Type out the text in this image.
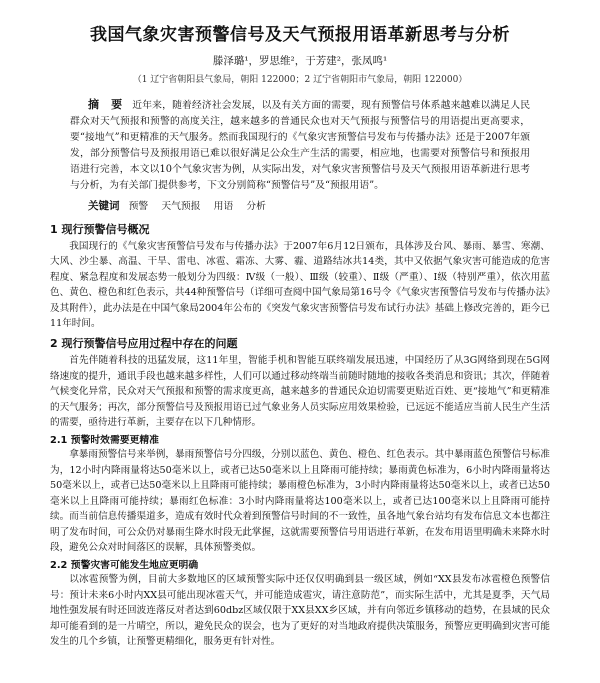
我国气象灾害预警信号及天气预报用语革新思考与分析
滕泽璐¹，罗思维²，于芳建²，张凤鸣¹
（1 辽宁省朝阳县气象局，朝阳 122000；2 辽宁省朝阳市气象局，朝阳 122000）
摘 要 近年来，随着经济社会发展，以及有关方面的需要，现有预警信号体系越来越难以满足人民群众对天气预报和预警的高度关注，越来越多的普通民众也对天气预报与预警信号的用语提出更高要求，要“接地气”和更精准的天气服务。然而我国现行的《气象灾害预警信号发布与传播办法》还是于2007年颁发，部分预警信号及预报用语已难以很好满足公众生产生活的需要，相应地，也需要对预警信号和预报用语进行完善，本文以10个气象灾害为例，从实际出发，对气象灾害预警信号及天气预报用语革新进行思考与分析，为有关部门提供参考，下文分别简称“预警信号”及“预报用语”。
关键词 预警 天气预报 用语 分析
1 现行预警信号概况

我国现行的《气象灾害预警信号发布与传播办法》于2007年6月12日颁布，具体涉及台风、暴雨、暴雪、寒潮、大风、沙尘暴、高温、干旱、雷电、冰雹、霜冻、大雾、霾、道路结冰共14类，其中又依据气象灾害可能造成的危害程度、紧急程度和发展态势一般划分为四级：Ⅳ级（一般）、Ⅲ级（较重）、Ⅱ级（严重）、Ⅰ级（特别严重），依次用蓝色、黄色、橙色和红色表示，共44种预警信号（详细可查阅中国气象局第16号令《气象灾害预警信号发布与传播办法》及其附件），此办法是在中国气象局2004年公布的《突发气象灾害预警信号发布试行办法》基础上修改完善的，距今已11年时间。

2 现行预警信号应用过程中存在的问题

首先伴随着科技的迅猛发展，这11年里，智能手机和智能互联终端发展迅速，中国经历了从3G网络到现在5G网络速度的提升，通讯手段也越来越多样性，人们可以通过移动终端当前随时随地的接收各类消息和资讯；其次，伴随着气候变化异常，民众对天气预报和预警的需求度更高，越来越多的普通民众迫切需要更贴近百姓、更“接地气”和更精准的天气服务；再次，部分预警信号及预报用语已过气象业务人员实际应用效果检验，已远远不能适应当前人民生产生活的需要，亟待进行革新，主要存在以下几种情形。

2.1 预警时效需要更精准

拿暴雨预警信号来举例，暴雨预警信号分四级，分别以蓝色、黄色、橙色、红色表示。其中暴雨蓝色预警信号标准为，12小时内降雨量将达50毫米以上，或者已达50毫米以上且降雨可能持续；暴雨黄色标准为，6小时内降雨量将达50毫米以上，或者已达50毫米以上且降雨可能持续；暴雨橙色标准为，3小时内降雨量将达50毫米以上，或者已达50毫米以上且降雨可能持续；暴雨红色标准：3小时内降雨量将达100毫米以上，或者已达100毫米以上且降雨可能持续。而当前信息传播渠道多，造成有效时代众着到预警信号时间的不一致性，虽各地气象台站均有发布信息文本也都注明了发布时间，可公众仍对暴雨生降水时段无此掌握，这就需要预警信号用语进行革新，在发布用语里明确未来降水时段，避免公众对时间落区的误解，具体预警类似。

2.2 预警灾害可能发生地应更明确

以冰雹预警为例，目前大多数地区的区域预警实际中还仅仅明确到县一级区域，例如“XX县发布冰雹橙色预警信号：预计未来6小时内XX县可能出现冰雹天气，并可能造成雹灾，请注意防范”，而实际生活中，尤其是夏季，天气局地性强发展有时还回波连落反对者达到60dbz区域仅限于XX县XX乡区域，并有向邻近乡镇移动的趋势，在县域的民众却可能看到的是一片晴空，所以，避免民众的误会，也为了更好的对当地政府提供决策服务，预警应更明确到灾害可能发生的几个乡镇，让预警更精细化，服务更有针对性。
